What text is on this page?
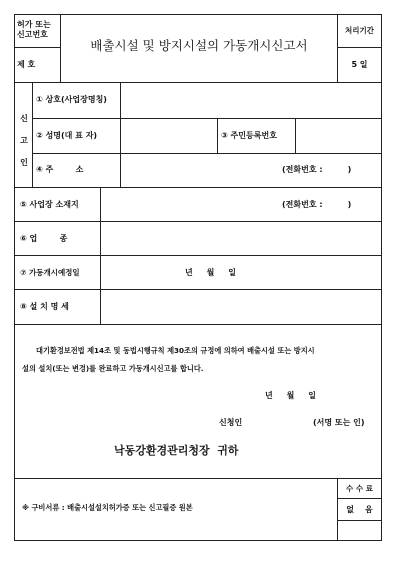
허가 또는
신고번호
배출시설 및 방지시설의 가동개시신고서
처리기간
5 일
제 호
신
고
인
① 상호(사업장명칭)
② 성명(대 표 자)	③ 주민등록번호
④ 주        소	(전화번호 :         )
⑤ 사업장 소재지	(전화번호 :         )
⑥ 업        종
⑦ 가동개시예정일	년     월     일
⑧ 설 치 명 세
대기환경보전법 제14조 및 동법시행규칙 제30조의 규정에 의하여 배출시설 또는 방지시
설의 설치(또는 변경)를 완료하고 가동개시신고를 합니다.
년     월     일
신청인	(서명 또는 인)
낙동강환경관리청장  귀하
※ 구비서류 : 배출시설설치허가증 또는 신고필증 원본
수 수 료
없    음
